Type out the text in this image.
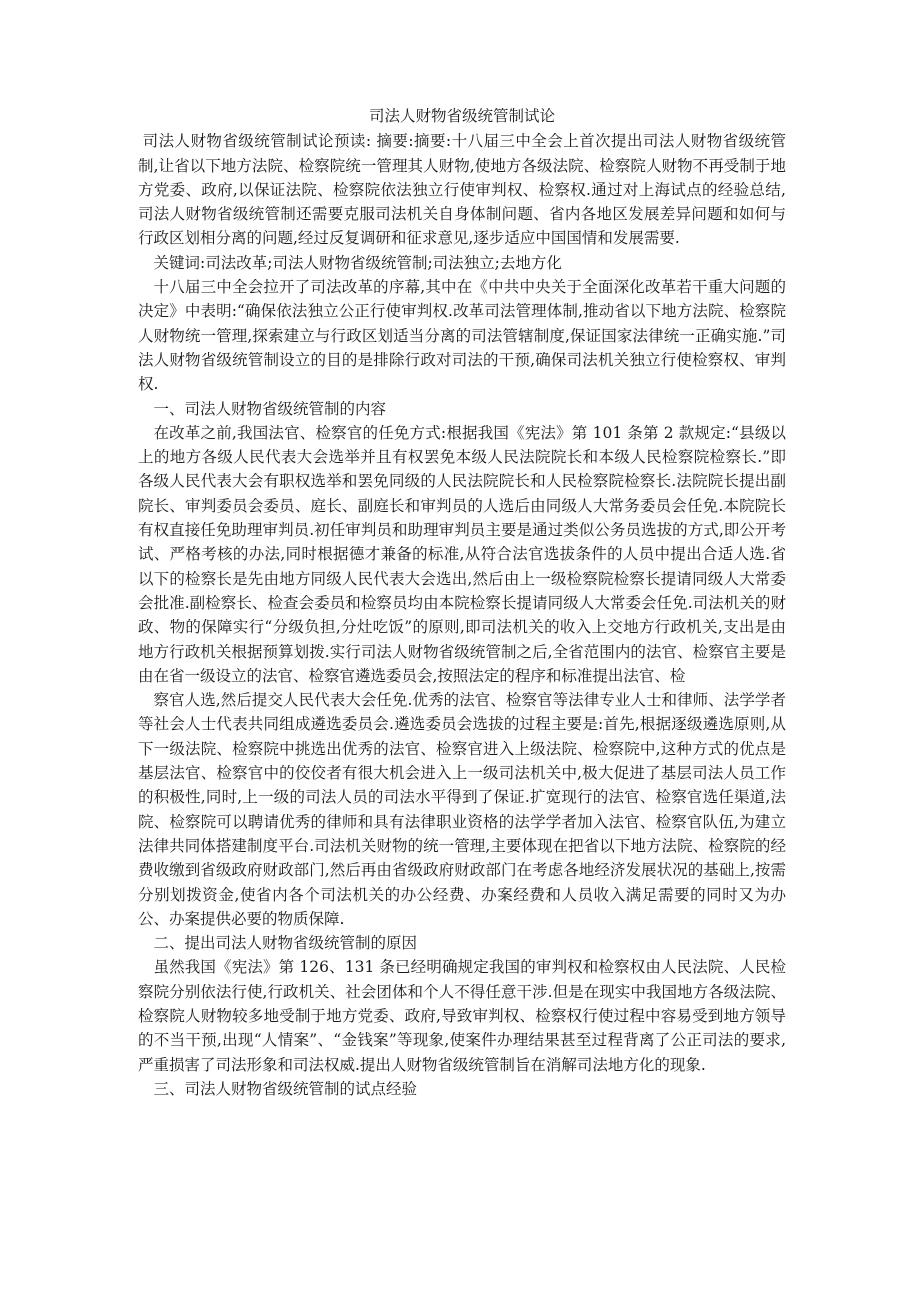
司法人财物省级统管制试论

司法人财物省级统管制试论预读: 摘要:摘要:十八届三中全会上首次提出司法人财物省级统管制,让省以下地方法院、检察院统一管理其人财物,使地方各级法院、检察院人财物不再受制于地方党委、政府,以保证法院、检察院依法独立行使审判权、检察权.通过对上海试点的经验总结,司法人财物省级统管制还需要克服司法机关自身体制问题、省内各地区发展差异问题和如何与行政区划相分离的问题,经过反复调研和征求意见,逐步适应中国国情和发展需要.

关键词:司法改革;司法人财物省级统管制;司法独立;去地方化

十八届三中全会拉开了司法改革的序幕,其中在《中共中央关于全面深化改革若干重大问题的决定》中表明:“确保依法独立公正行使审判权.改革司法管理体制,推动省以下地方法院、检察院人财物统一管理,探索建立与行政区划适当分离的司法管辖制度,保证国家法律统一正确实施.”司法人财物省级统管制设立的目的是排除行政对司法的干预,确保司法机关独立行使检察权、审判权.

一、司法人财物省级统管制的内容

在改革之前,我国法官、检察官的任免方式:根据我国《宪法》第 101 条第 2 款规定:“县级以上的地方各级人民代表大会选举并且有权罢免本级人民法院院长和本级人民检察院检察长.”即各级人民代表大会有职权选举和罢免同级的人民法院院长和人民检察院检察长.法院院长提出副院长、审判委员会委员、庭长、副庭长和审判员的人选后由同级人大常务委员会任免.本院院长有权直接任免助理审判员.初任审判员和助理审判员主要是通过类似公务员选拔的方式,即公开考试、严格考核的办法,同时根据德才兼备的标准,从符合法官选拔条件的人员中提出合适人选.省以下的检察长是先由地方同级人民代表大会选出,然后由上一级检察院检察长提请同级人大常委会批准.副检察长、检查会委员和检察员均由本院检察长提请同级人大常委会任免.司法机关的财政、物的保障实行“分级负担,分灶吃饭”的原则,即司法机关的收入上交地方行政机关,支出是由地方行政机关根据预算划拨.实行司法人财物省级统管制之后,全省范围内的法官、检察官主要是由在省一级设立的法官、检察官遴选委员会,按照法定的程序和标准提出法官、检

察官人选,然后提交人民代表大会任免.优秀的法官、检察官等法律专业人士和律师、法学学者等社会人士代表共同组成遴选委员会.遴选委员会选拔的过程主要是:首先,根据逐级遴选原则,从下一级法院、检察院中挑选出优秀的法官、检察官进入上级法院、检察院中,这种方式的优点是基层法官、检察官中的佼佼者有很大机会进入上一级司法机关中,极大促进了基层司法人员工作的积极性,同时,上一级的司法人员的司法水平得到了保证.扩宽现行的法官、检察官选任渠道,法院、检察院可以聘请优秀的律师和具有法律职业资格的法学学者加入法官、检察官队伍,为建立法律共同体搭建制度平台.司法机关财物的统一管理,主要体现在把省以下地方法院、检察院的经费收缴到省级政府财政部门,然后再由省级政府财政部门在考虑各地经济发展状况的基础上,按需分别划拨资金,使省内各个司法机关的办公经费、办案经费和人员收入满足需要的同时又为办公、办案提供必要的物质保障.

二、提出司法人财物省级统管制的原因

虽然我国《宪法》第 126、131 条已经明确规定我国的审判权和检察权由人民法院、人民检察院分别依法行使,行政机关、社会团体和个人不得任意干涉.但是在现实中我国地方各级法院、检察院人财物较多地受制于地方党委、政府,导致审判权、检察权行使过程中容易受到地方领导的不当干预,出现“人情案”、“金钱案”等现象,使案件办理结果甚至过程背离了公正司法的要求,严重损害了司法形象和司法权威.提出人财物省级统管制旨在消解司法地方化的现象.

三、司法人财物省级统管制的试点经验
